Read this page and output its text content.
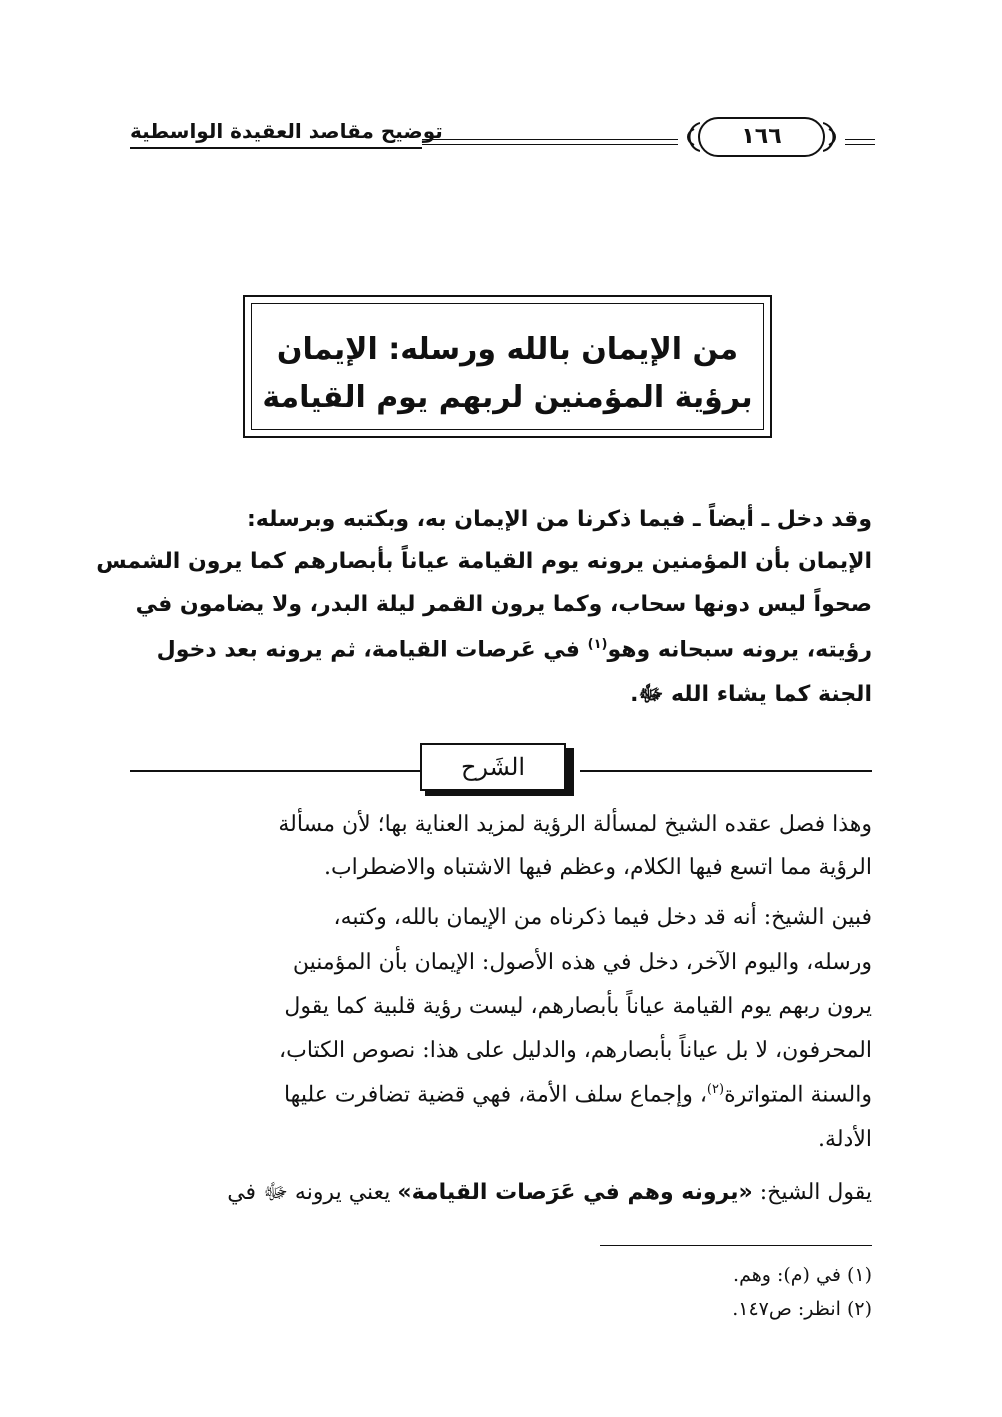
توضيح مقاصد العقيدة الواسطية	١٦٦
من الإيمان بالله ورسله: الإيمان
برؤية المؤمنين لربهم يوم القيامة
وقد دخل ـ أيضاً ـ فيما ذكرنا من الإيمان به، وبكتبه وبرسله:
الإيمان بأن المؤمنين يرونه يوم القيامة عياناً بأبصارهم كما يرون الشمس
صحواً ليس دونها سحاب، وكما يرون القمر ليلة البدر، ولا يضامون في
رؤيته، يرونه سبحانه وهو$^{(١)}$ في عَرصات القيامة، ثم يرونه بعد دخول
الجنة كما يشاء الله ﷻ.
الشَرح
وهذا فصل عقده الشيخ لمسألة الرؤية لمزيد العناية بها؛ لأن مسألة
الرؤية مما اتسع فيها الكلام، وعظم فيها الاشتباه والاضطراب.
فبين الشيخ: أنه قد دخل فيما ذكرناه من الإيمان بالله، وكتبه،
ورسله، واليوم الآخر، دخل في هذه الأصول: الإيمان بأن المؤمنين
يرون ربهم يوم القيامة عياناً بأبصارهم، ليست رؤية قلبية كما يقول
المحرفون، لا بل عياناً بأبصارهم، والدليل على هذا: نصوص الكتاب،
والسنة المتواترة$^{(٢)}$، وإجماع سلف الأمة، فهي قضية تضافرت عليها
الأدلة.
يقول الشيخ: «يرونه وهم في عَرَصات القيامة» يعني يرونه ﷻ في
(١) في (م): وهم.
(٢) انظر: ص١٤٧.
